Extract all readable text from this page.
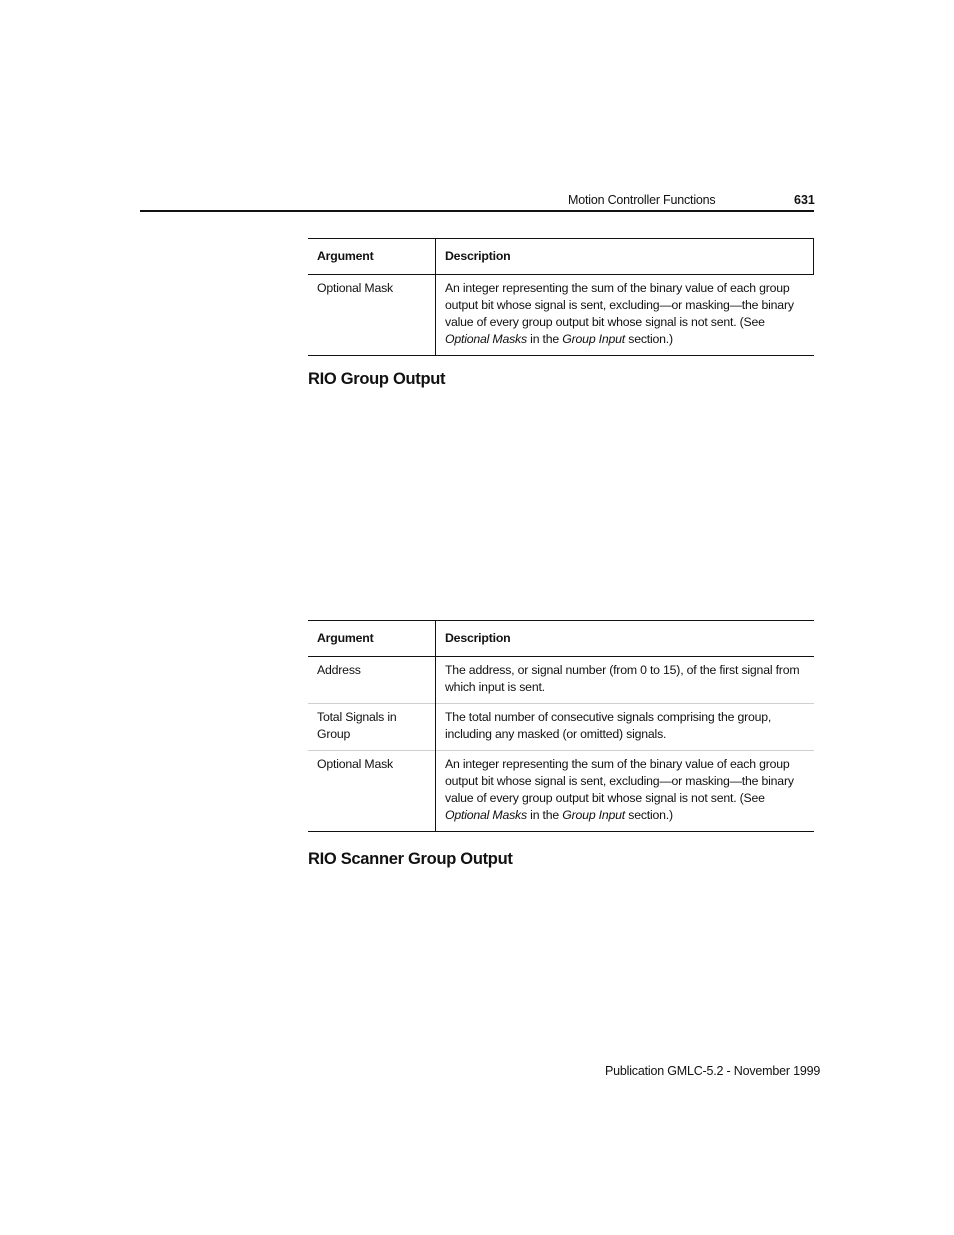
Motion Controller Functions	631
Argument	Description
Optional Mask	An integer representing the sum of the binary value of each group output bit whose signal is sent, excluding—or masking—the binary value of every group output bit whose signal is not sent. (See Optional Masks in the Group Input section.)
RIO Group Output
Argument	Description
Address	The address, or signal number (from 0 to 15), of the first signal from which input is sent.
Total Signals in Group	The total number of consecutive signals comprising the group, including any masked (or omitted) signals.
Optional Mask	An integer representing the sum of the binary value of each group output bit whose signal is sent, excluding—or masking—the binary value of every group output bit whose signal is not sent. (See Optional Masks in the Group Input section.)
RIO Scanner Group Output
Publication GMLC-5.2 - November 1999
